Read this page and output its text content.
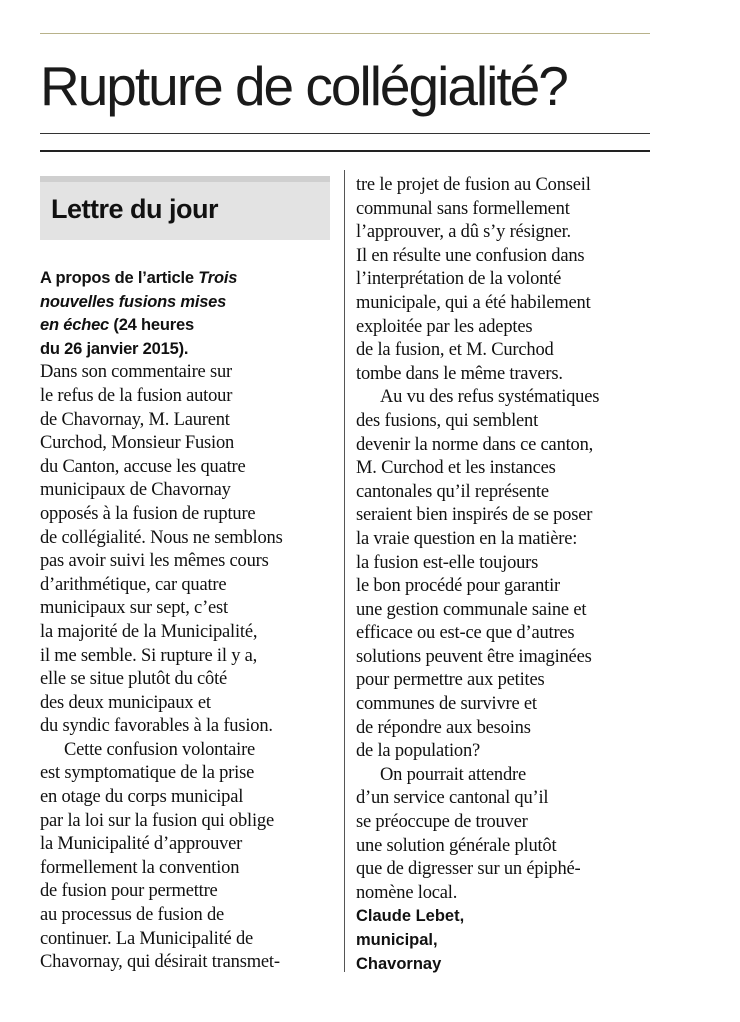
Rupture de collégialité?
Lettre du jour
A propos de l’article Trois
nouvelles fusions mises
en échec (24 heures
du 26 janvier 2015).
Dans son commentaire sur
le refus de la fusion autour
de Chavornay, M. Laurent
Curchod, Monsieur Fusion
du Canton, accuse les quatre
municipaux de Chavornay
opposés à la fusion de rupture
de collégialité. Nous ne semblons
pas avoir suivi les mêmes cours
d’arithmétique, car quatre
municipaux sur sept, c’est
la majorité de la Municipalité,
il me semble. Si rupture il y a,
elle se situe plutôt du côté
des deux municipaux et
du syndic favorables à la fusion.
Cette confusion volontaire
est symptomatique de la prise
en otage du corps municipal
par la loi sur la fusion qui oblige
la Municipalité d’approuver
formellement la convention
de fusion pour permettre
au processus de fusion de
continuer. La Municipalité de
Chavornay, qui désirait transmet-
tre le projet de fusion au Conseil
communal sans formellement
l’approuver, a dû s’y résigner.
Il en résulte une confusion dans
l’interprétation de la volonté
municipale, qui a été habilement
exploitée par les adeptes
de la fusion, et M. Curchod
tombe dans le même travers.
Au vu des refus systématiques
des fusions, qui semblent
devenir la norme dans ce canton,
M. Curchod et les instances
cantonales qu’il représente
seraient bien inspirés de se poser
la vraie question en la matière:
la fusion est-elle toujours
le bon procédé pour garantir
une gestion communale saine et
efficace ou est-ce que d’autres
solutions peuvent être imaginées
pour permettre aux petites
communes de survivre et
de répondre aux besoins
de la population?
On pourrait attendre
d’un service cantonal qu’il
se préoccupe de trouver
une solution générale plutôt
que de digresser sur un épiphé-
nomène local.
Claude Lebet,
municipal,
Chavornay
